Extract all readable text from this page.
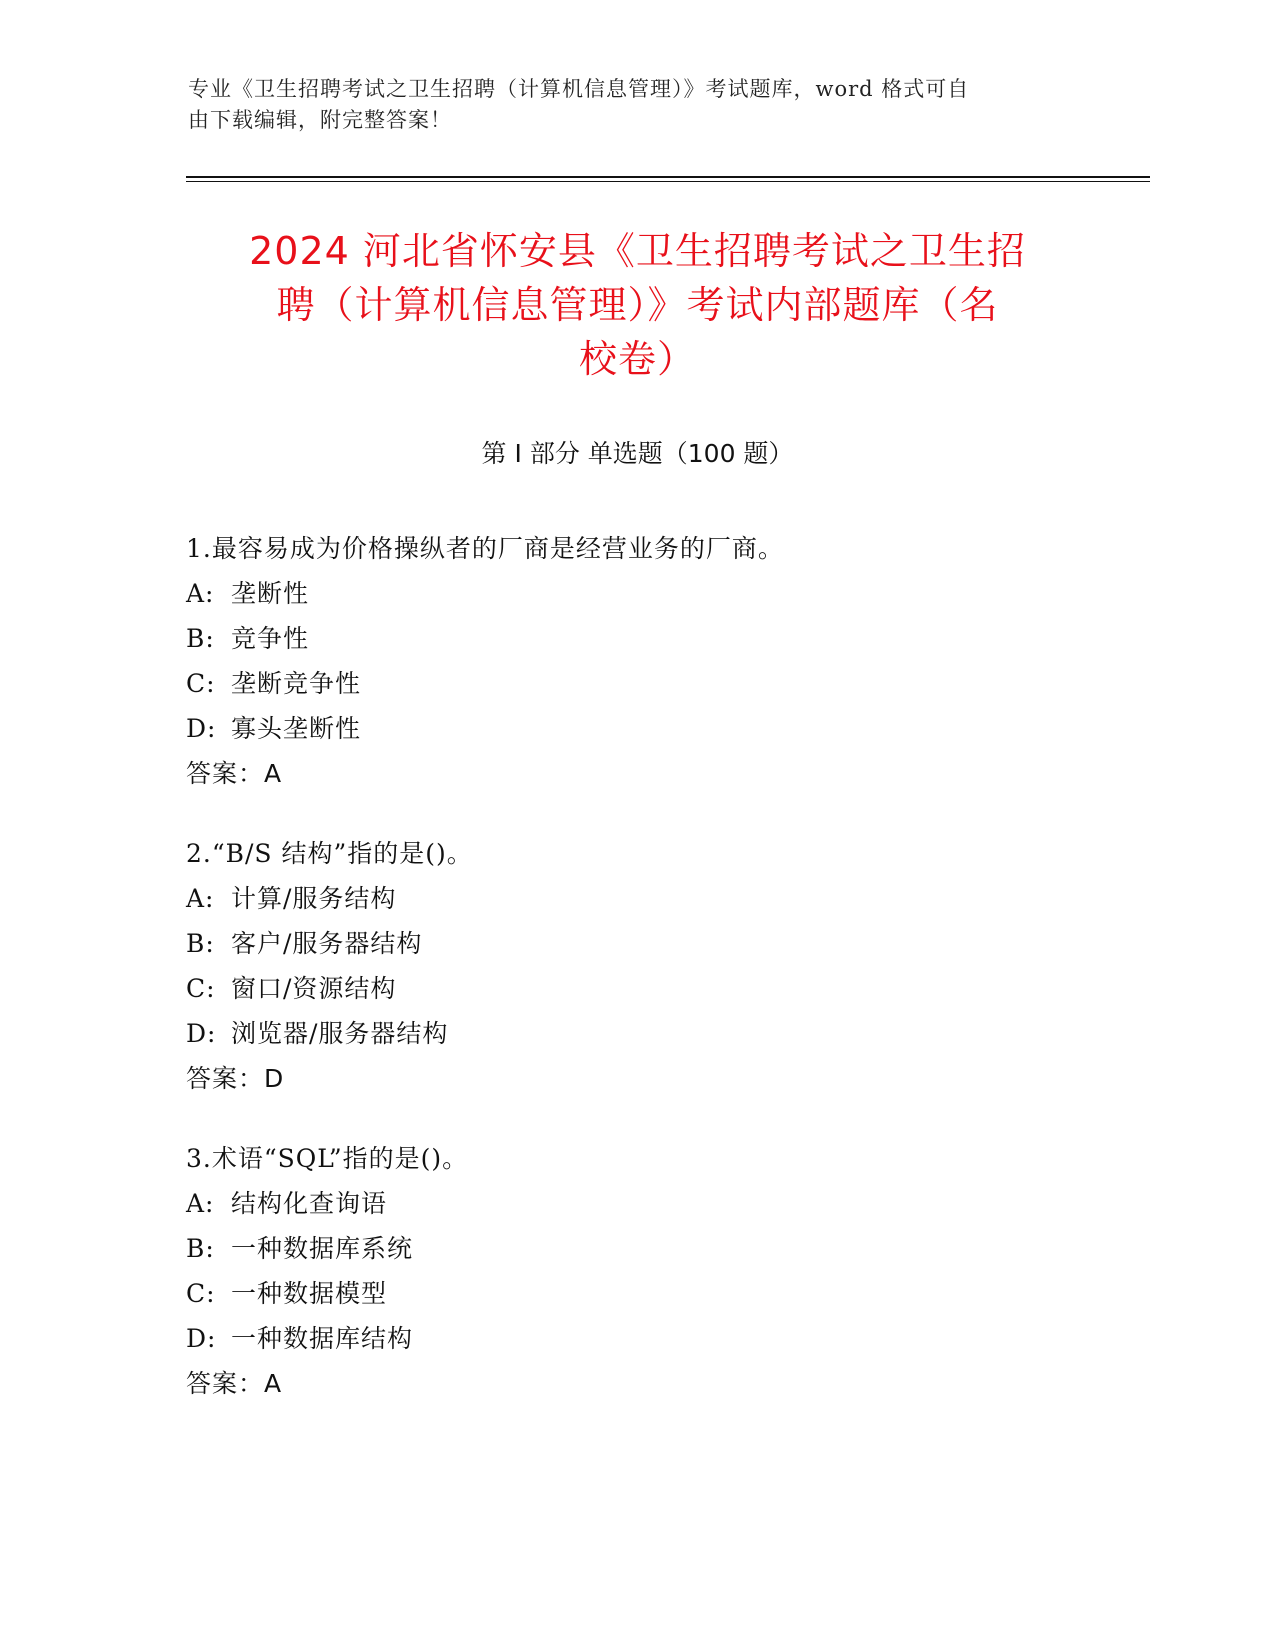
专业《卫生招聘考试之卫生招聘（计算机信息管理）》考试题库，word 格式可自
由下载编辑，附完整答案！
2024 河北省怀安县《卫生招聘考试之卫生招
聘（计算机信息管理）》考试内部题库（名
校卷）
第 I 部分 单选题（100 题）
1.最容易成为价格操纵者的厂商是经营业务的厂商。
A: 垄断性
B: 竞争性
C: 垄断竞争性
D: 寡头垄断性
答案：A
2.“B/S 结构”指的是()。
A: 计算/服务结构
B: 客户/服务器结构
C: 窗口/资源结构
D: 浏览器/服务器结构
答案：D
3.术语“SQL”指的是()。
A: 结构化查询语
B: 一种数据库系统
C: 一种数据模型
D: 一种数据库结构
答案：A
